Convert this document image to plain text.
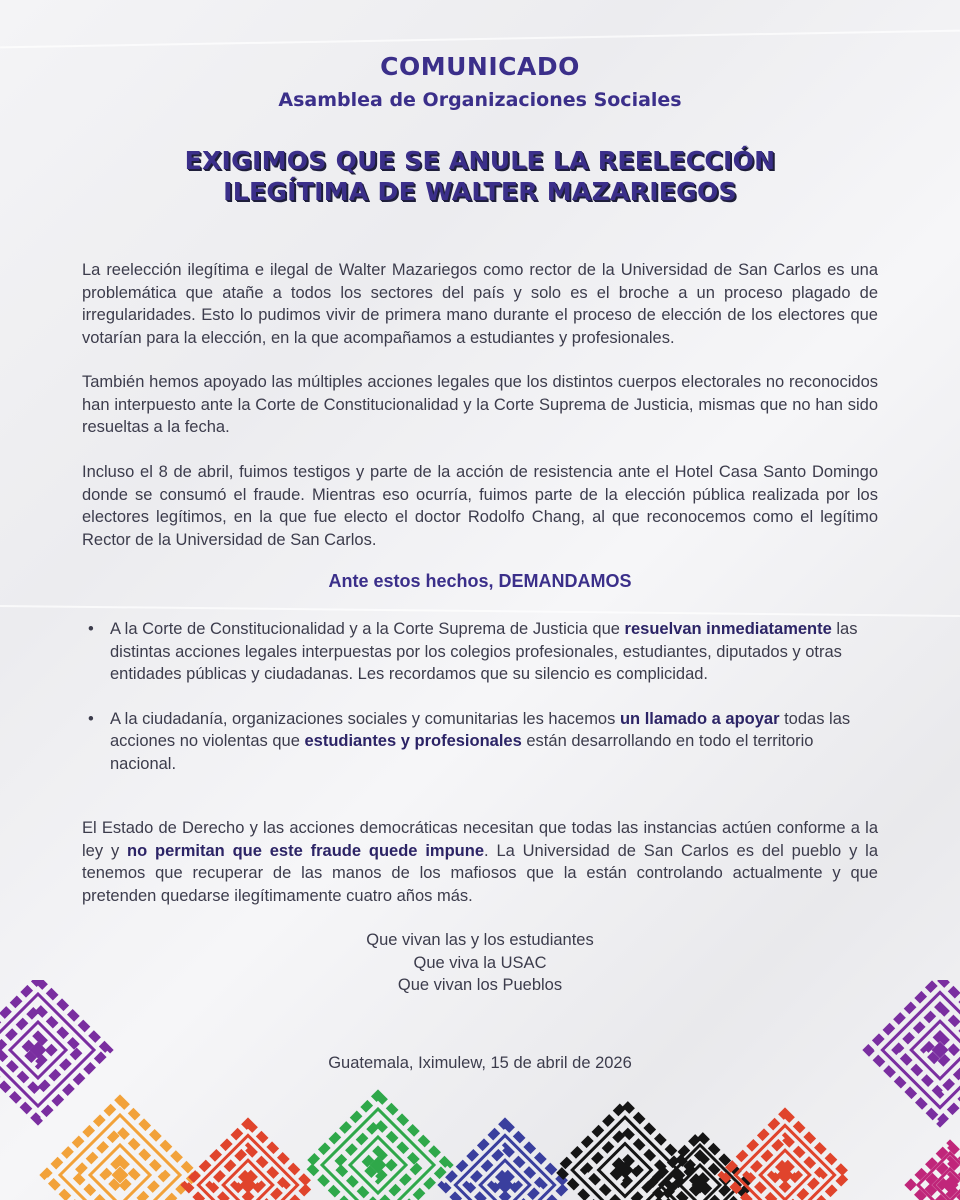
COMUNICADO
Asamblea de Organizaciones Sociales
EXIGIMOS QUE SE ANULE LA REELECCIÓN
ILEGÍTIMA DE WALTER MAZARIEGOS

La reelección ilegítima e ilegal de Walter Mazariegos como rector de la Universidad de San Carlos es una problemática que atañe a todos los sectores del país y solo es el broche a un proceso plagado de irregularidades. Esto lo pudimos vivir de primera mano durante el proceso de elección de los electores que votarían para la elección, en la que acompañamos a estudiantes y profesionales.

También hemos apoyado las múltiples acciones legales que los distintos cuerpos electorales no reconocidos han interpuesto ante la Corte de Constitucionalidad y la Corte Suprema de Justicia, mismas que no han sido resueltas a la fecha.

Incluso el 8 de abril, fuimos testigos y parte de la acción de resistencia ante el Hotel Casa Santo Domingo donde se consumó el fraude. Mientras eso ocurría, fuimos parte de la elección pública realizada por los electores legítimos, en la que fue electo el doctor Rodolfo Chang, al que reconocemos como el legítimo Rector de la Universidad de San Carlos.

Ante estos hechos, DEMANDAMOS
• A la Corte de Constitucionalidad y a la Corte Suprema de Justicia que resuelvan inmediatamente las distintas acciones legales interpuestas por los colegios profesionales, estudiantes, diputados y otras entidades públicas y ciudadanas. Les recordamos que su silencio es complicidad.
• A la ciudadanía, organizaciones sociales y comunitarias les hacemos un llamado a apoyar todas las acciones no violentas que estudiantes y profesionales están desarrollando en todo el territorio nacional.

El Estado de Derecho y las acciones democráticas necesitan que todas las instancias actúen conforme a la ley y no permitan que este fraude quede impune. La Universidad de San Carlos es del pueblo y la tenemos que recuperar de las manos de los mafiosos que la están controlando actualmente y que pretenden quedarse ilegítimamente cuatro años más.

Que vivan las y los estudiantes
Que viva la USAC
Que vivan los Pueblos
Guatemala, Iximulew, 15 de abril de 2026
